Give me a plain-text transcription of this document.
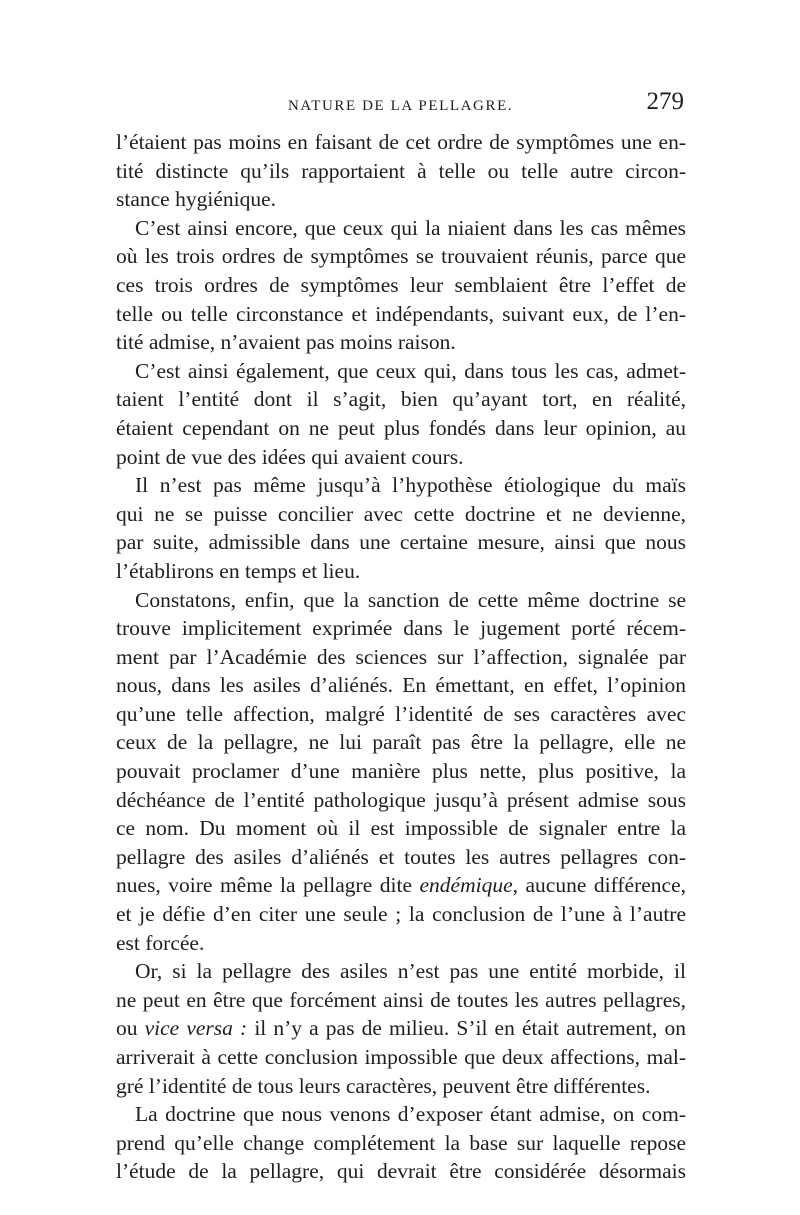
NATURE DE LA PELLAGRE.	279
l’étaient pas moins en faisant de cet ordre de symptômes une en-
tité distincte qu’ils rapportaient à telle ou telle autre circon-
stance hygiénique.
C’est ainsi encore, que ceux qui la niaient dans les cas mêmes
où les trois ordres de symptômes se trouvaient réunis, parce que
ces trois ordres de symptômes leur semblaient être l’effet de
telle ou telle circonstance et indépendants, suivant eux, de l’en-
tité admise, n’avaient pas moins raison.
C’est ainsi également, que ceux qui, dans tous les cas, admet-
taient l’entité dont il s’agit, bien qu’ayant tort, en réalité,
étaient cependant on ne peut plus fondés dans leur opinion, au
point de vue des idées qui avaient cours.
Il n’est pas même jusqu’à l’hypothèse étiologique du maïs
qui ne se puisse concilier avec cette doctrine et ne devienne,
par suite, admissible dans une certaine mesure, ainsi que nous
l’établirons en temps et lieu.
Constatons, enfin, que la sanction de cette même doctrine se
trouve implicitement exprimée dans le jugement porté récem-
ment par l’Académie des sciences sur l’affection, signalée par
nous, dans les asiles d’aliénés. En émettant, en effet, l’opinion
qu’une telle affection, malgré l’identité de ses caractères avec
ceux de la pellagre, ne lui paraît pas être la pellagre, elle ne
pouvait proclamer d’une manière plus nette, plus positive, la
déchéance de l’entité pathologique jusqu’à présent admise sous
ce nom. Du moment où il est impossible de signaler entre la
pellagre des asiles d’aliénés et toutes les autres pellagres con-
nues, voire même la pellagre dite endémique, aucune différence,
et je défie d’en citer une seule ; la conclusion de l’une à l’autre
est forcée.
Or, si la pellagre des asiles n’est pas une entité morbide, il
ne peut en être que forcément ainsi de toutes les autres pellagres,
ou vice versa : il n’y a pas de milieu. S’il en était autrement, on
arriverait à cette conclusion impossible que deux affections, mal-
gré l’identité de tous leurs caractères, peuvent être différentes.
La doctrine que nous venons d’exposer étant admise, on com-
prend qu’elle change complétement la base sur laquelle repose
l’étude de la pellagre, qui devrait être considérée désormais
